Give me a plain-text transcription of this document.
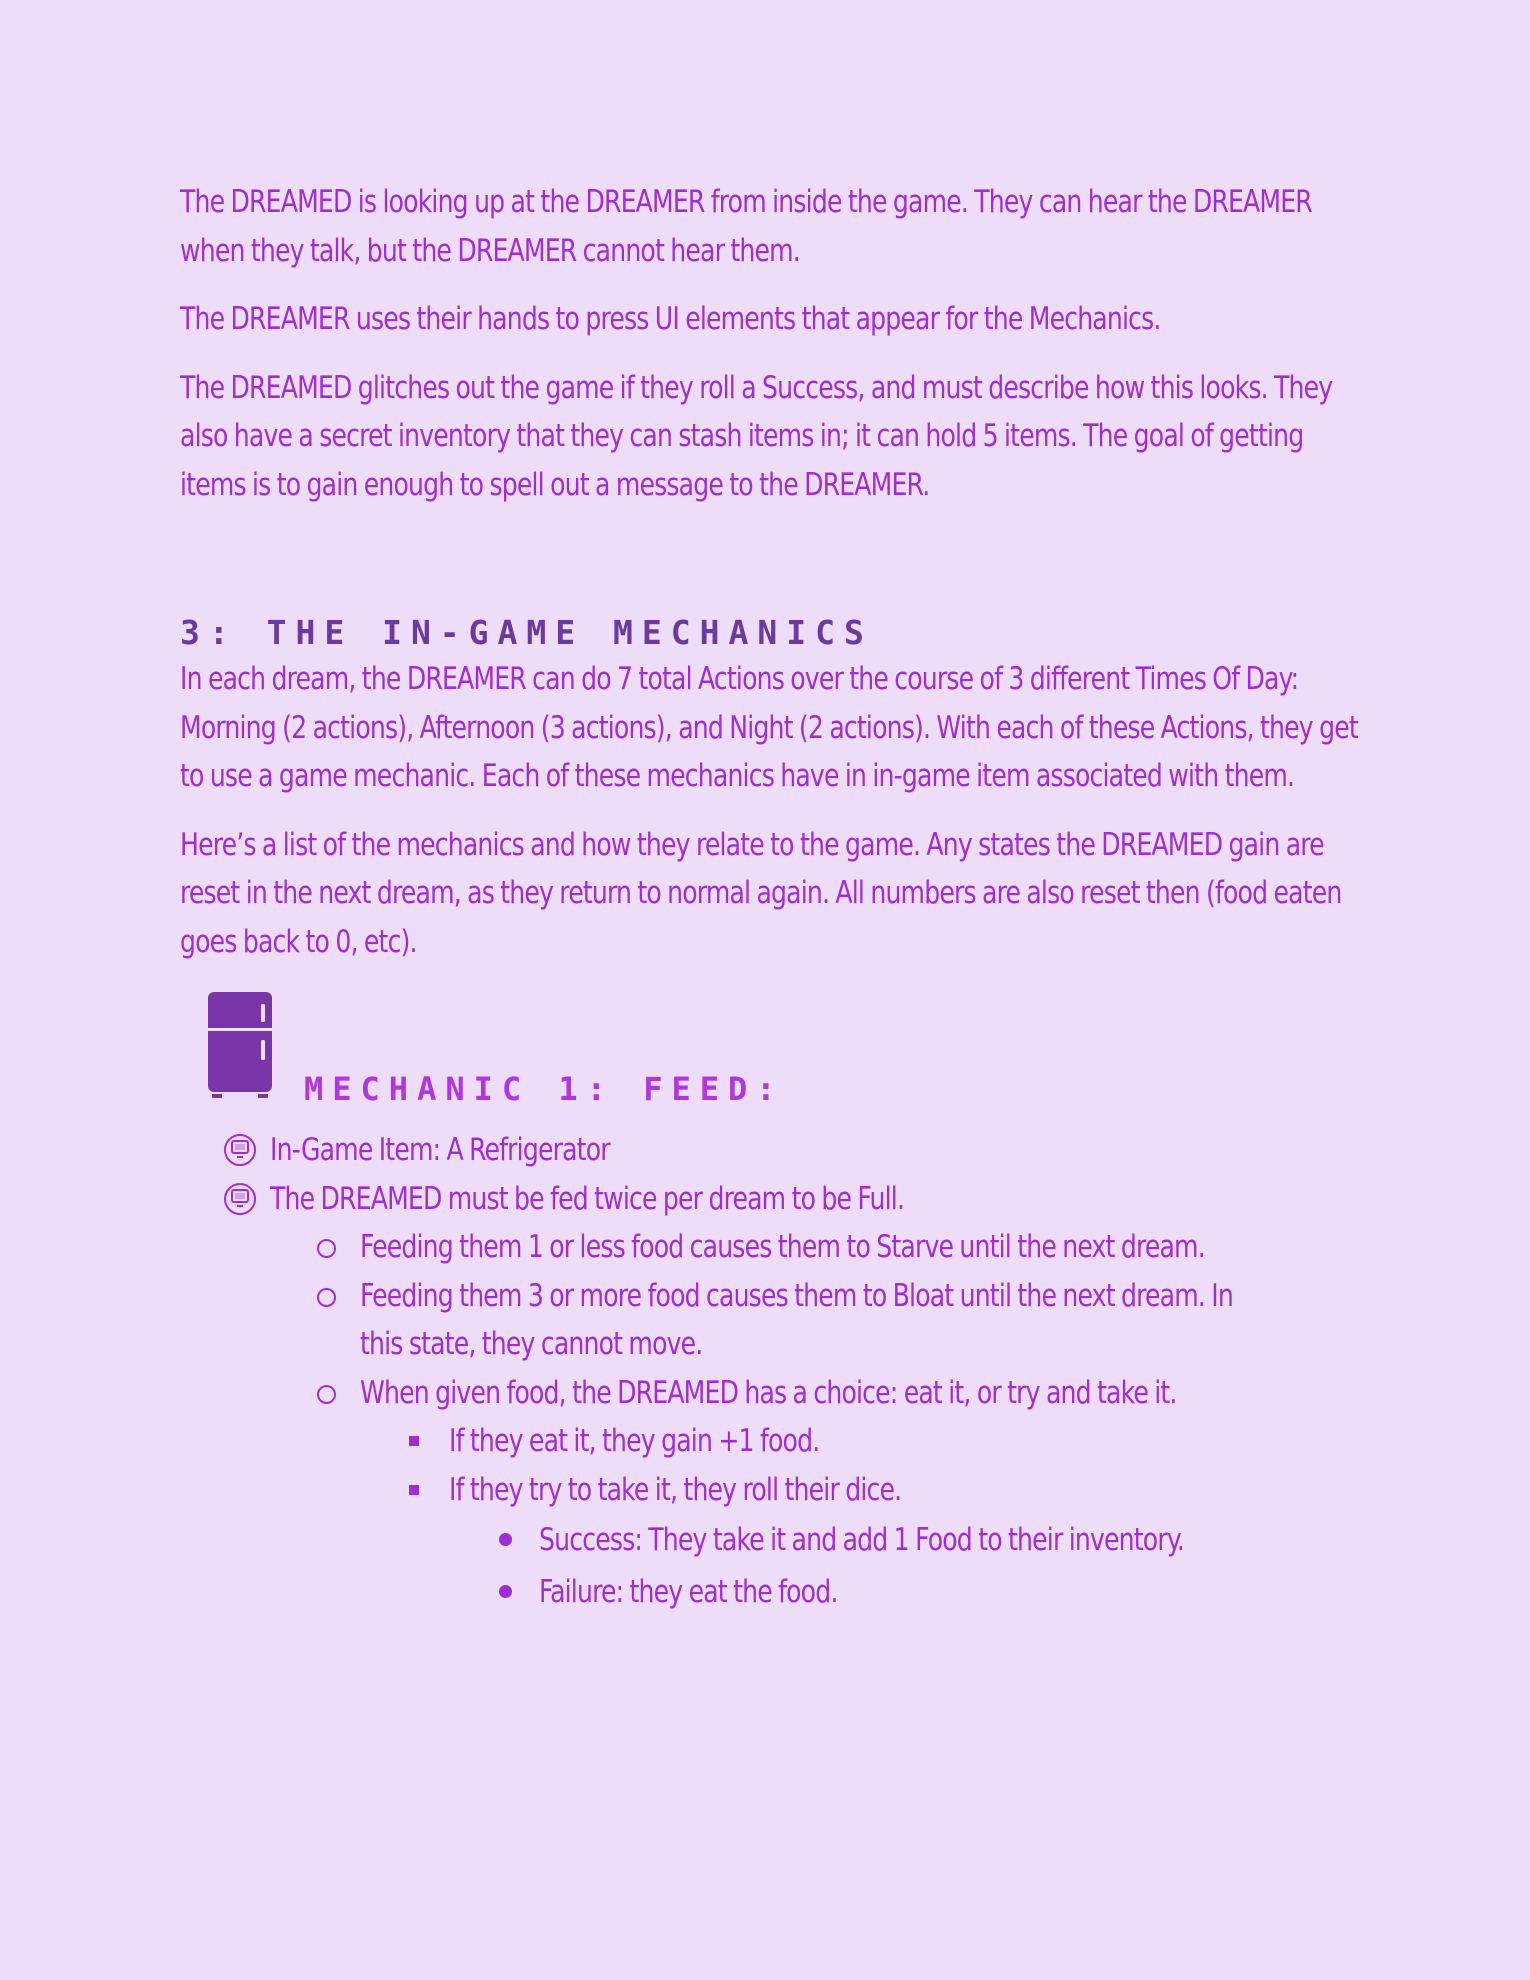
The DREAMED is looking up at the DREAMER from inside the game. They can hear the DREAMER when they talk, but the DREAMER cannot hear them.

The DREAMER uses their hands to press UI elements that appear for the Mechanics.

The DREAMED glitches out the game if they roll a Success, and must describe how this looks. They also have a secret inventory that they can stash items in; it can hold 5 items. The goal of getting items is to gain enough to spell out a message to the DREAMER.

3: THE IN-GAME MECHANICS

In each dream, the DREAMER can do 7 total Actions over the course of 3 different Times Of Day: Morning (2 actions), Afternoon (3 actions), and Night (2 actions). With each of these Actions, they get to use a game mechanic. Each of these mechanics have in in-game item associated with them.

Here’s a list of the mechanics and how they relate to the game. Any states the DREAMED gain are reset in the next dream, as they return to normal again. All numbers are also reset then (food eaten goes back to 0, etc).

MECHANIC 1: FEED:
In-Game Item: A Refrigerator
The DREAMED must be fed twice per dream to be Full.
Feeding them 1 or less food causes them to Starve until the next dream.
Feeding them 3 or more food causes them to Bloat until the next dream. In this state, they cannot move.
When given food, the DREAMED has a choice: eat it, or try and take it.
If they eat it, they gain +1 food.
If they try to take it, they roll their dice.
Success: They take it and add 1 Food to their inventory.
Failure: they eat the food.
